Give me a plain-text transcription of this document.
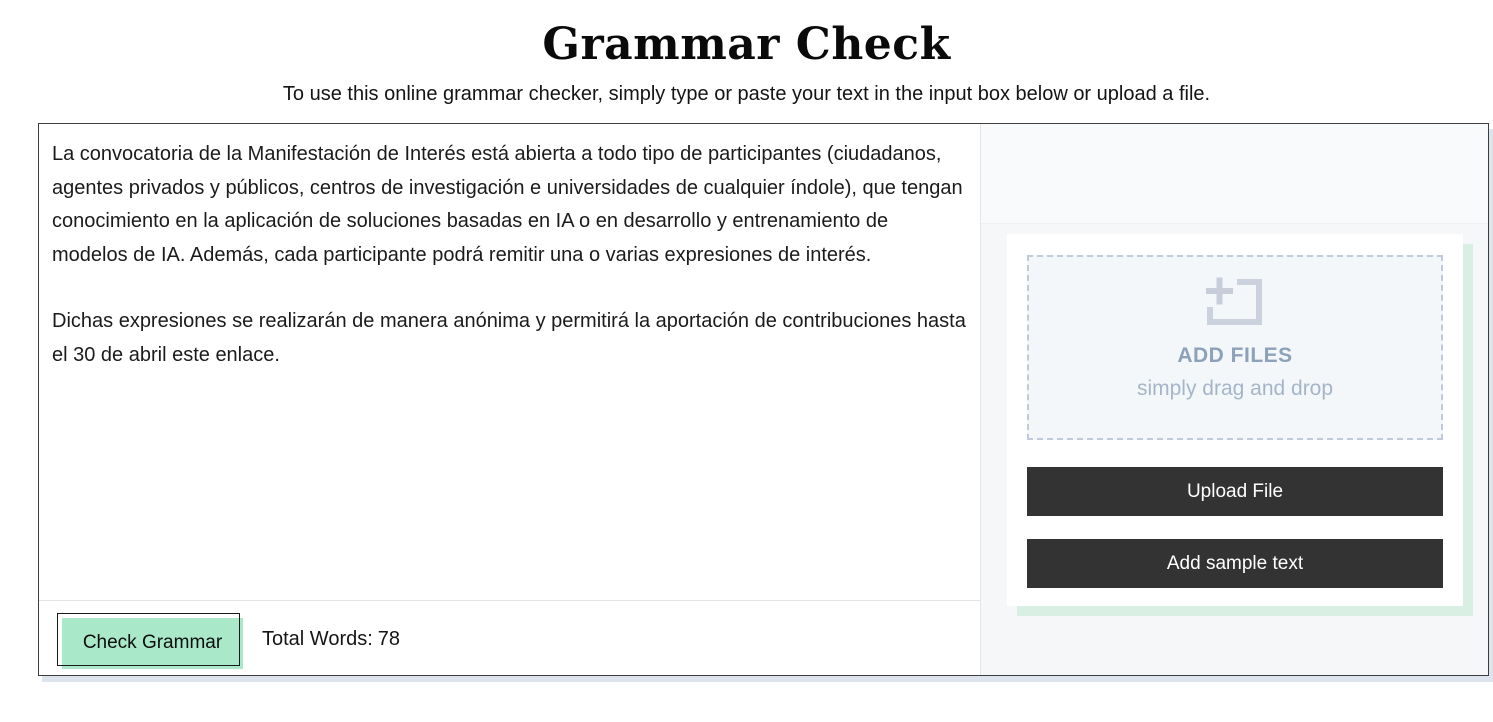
Grammar Check

To use this online grammar checker, simply type or paste your text in the input box below or upload a file.

La convocatoria de la Manifestación de Interés está abierta a todo tipo de participantes (ciudadanos, agentes privados y públicos, centros de investigación e universidades de cualquier índole), que tengan conocimiento en la aplicación de soluciones basadas en IA o en desarrollo y entrenamiento de modelos de IA. Además, cada participante podrá remitir una o varias expresiones de interés.

Dichas expresiones se realizarán de manera anónima y permitirá la aportación de contribuciones hasta el 30 de abril este enlace.

Check Grammar Total Words: 78
ADD FILES
simply drag and drop
Upload File
Add sample text
